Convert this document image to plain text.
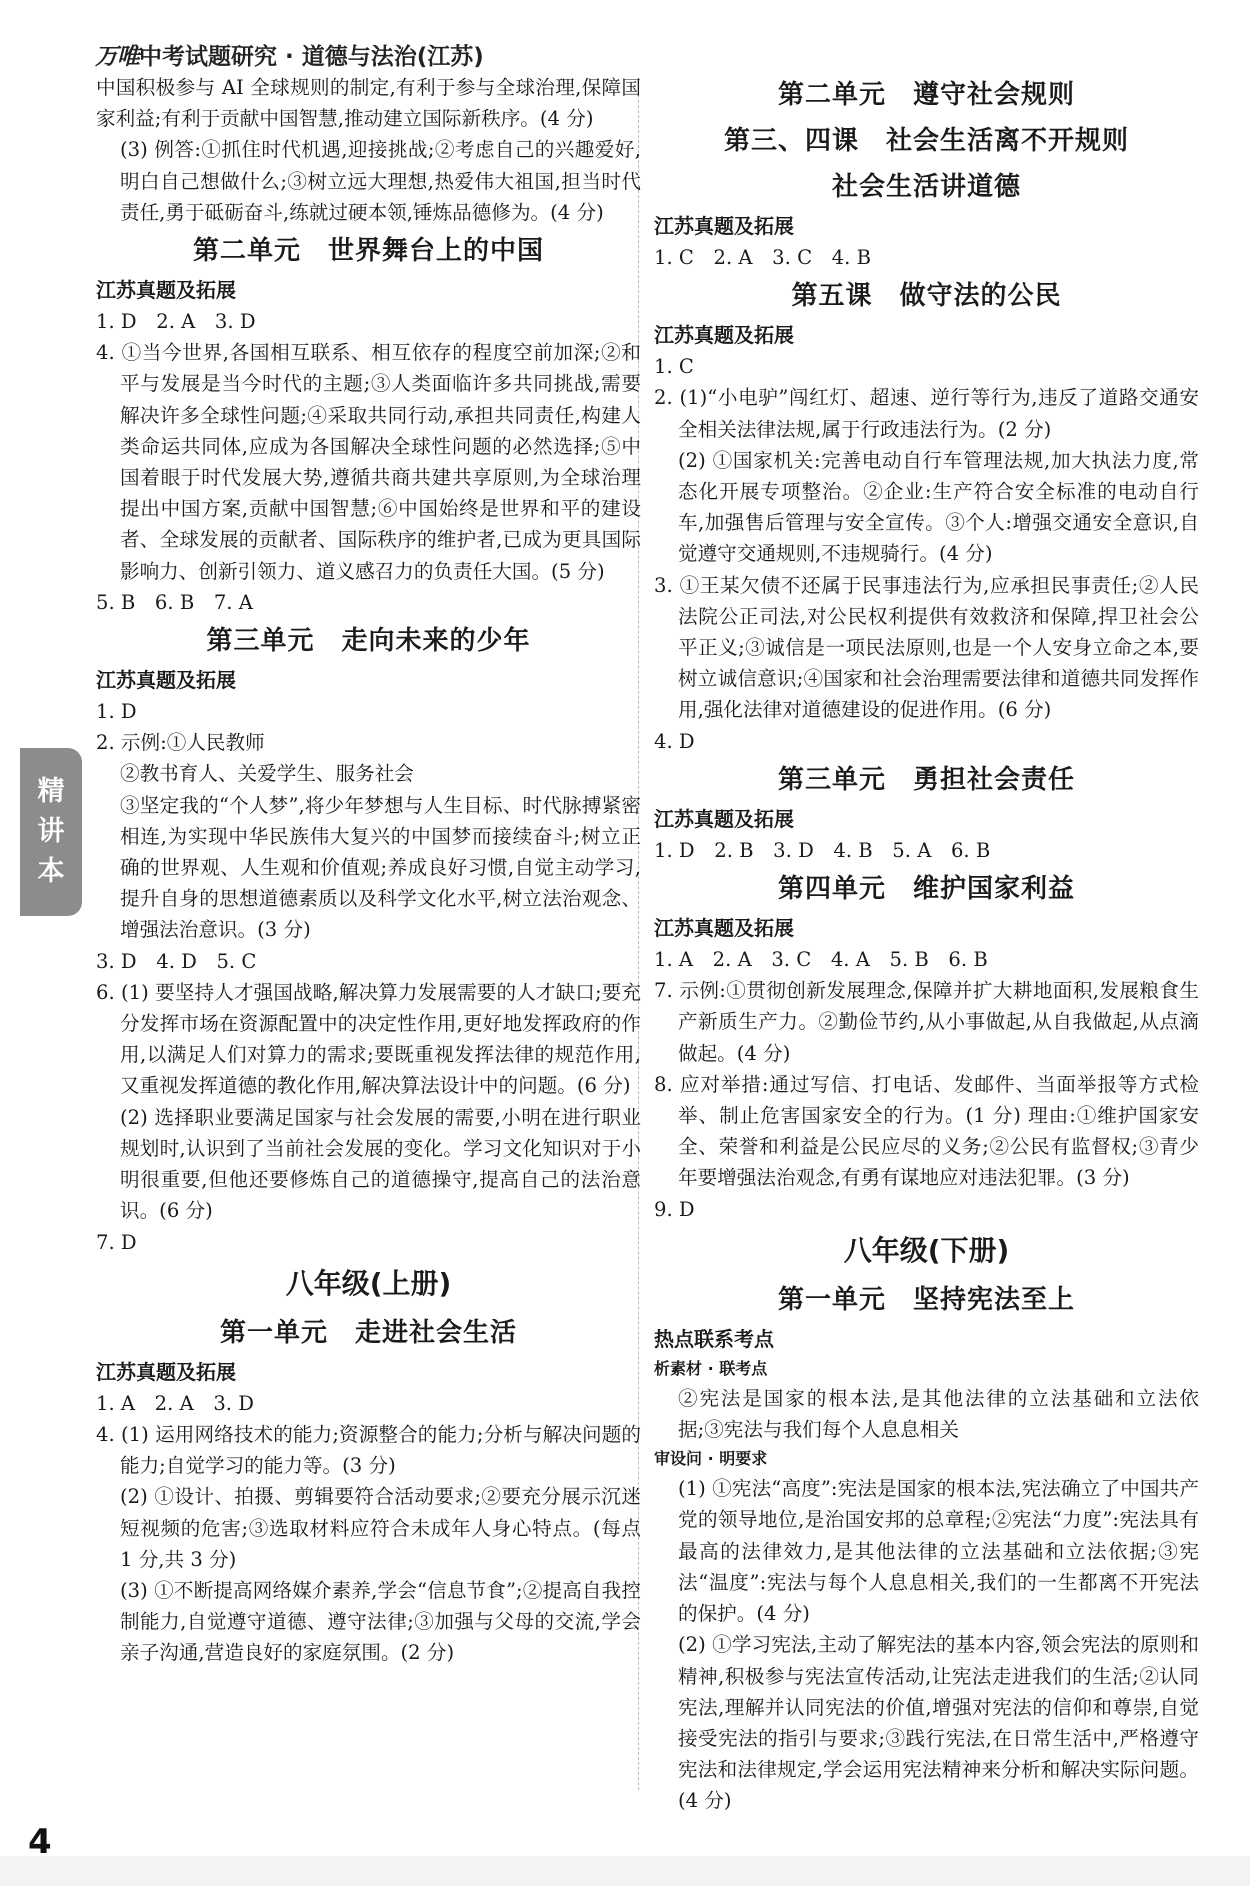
万唯中考试题研究 · 道德与法治(江苏)

中国积极参与 AI 全球规则的制定,有利于参与全球治理,保障国家利益;有利于贡献中国智慧,推动建立国际新秩序。(4 分)

(3) 例答:①抓住时代机遇,迎接挑战;②考虑自己的兴趣爱好,明白自己想做什么;③树立远大理想,热爱伟大祖国,担当时代责任,勇于砥砺奋斗,练就过硬本领,锤炼品德修为。(4 分)

第二单元　世界舞台上的中国

江苏真题及拓展

1. D　2. A　3. D

4. ①当今世界,各国相互联系、相互依存的程度空前加深;②和平与发展是当今时代的主题;③人类面临许多共同挑战,需要解决许多全球性问题;④采取共同行动,承担共同责任,构建人类命运共同体,应成为各国解决全球性问题的必然选择;⑤中国着眼于时代发展大势,遵循共商共建共享原则,为全球治理提出中国方案,贡献中国智慧;⑥中国始终是世界和平的建设者、全球发展的贡献者、国际秩序的维护者,已成为更具国际影响力、创新引领力、道义感召力的负责任大国。(5 分)

5. B　6. B　7. A

第三单元　走向未来的少年

江苏真题及拓展

1. D

2. 示例:①人民教师

②教书育人、关爱学生、服务社会

③坚定我的“个人梦”,将少年梦想与人生目标、时代脉搏紧密相连,为实现中华民族伟大复兴的中国梦而接续奋斗;树立正确的世界观、人生观和价值观;养成良好习惯,自觉主动学习,提升自身的思想道德素质以及科学文化水平,树立法治观念、增强法治意识。(3 分)

3. D　4. D　5. C

6. (1) 要坚持人才强国战略,解决算力发展需要的人才缺口;要充分发挥市场在资源配置中的决定性作用,更好地发挥政府的作用,以满足人们对算力的需求;要既重视发挥法律的规范作用,又重视发挥道德的教化作用,解决算法设计中的问题。(6 分)

(2) 选择职业要满足国家与社会发展的需要,小明在进行职业规划时,认识到了当前社会发展的变化。学习文化知识对于小明很重要,但他还要修炼自己的道德操守,提高自己的法治意识。(6 分)

7. D

八年级(上册)
第一单元　走进社会生活

江苏真题及拓展

1. A　2. A　3. D

4. (1) 运用网络技术的能力;资源整合的能力;分析与解决问题的能力;自觉学习的能力等。(3 分)

(2) ①设计、拍摄、剪辑要符合活动要求;②要充分展示沉迷短视频的危害;③选取材料应符合未成年人身心特点。(每点 1 分,共 3 分)

(3) ①不断提高网络媒介素养,学会“信息节食”;②提高自我控制能力,自觉遵守道德、遵守法律;③加强与父母的交流,学会亲子沟通,营造良好的家庭氛围。(2 分)

第二单元　遵守社会规则
第三、四课　社会生活离不开规则
社会生活讲道德

江苏真题及拓展

1. C　2. A　3. C　4. B

第五课　做守法的公民

江苏真题及拓展

1. C

2. (1)“小电驴”闯红灯、超速、逆行等行为,违反了道路交通安全相关法律法规,属于行政违法行为。(2 分)

(2) ①国家机关:完善电动自行车管理法规,加大执法力度,常态化开展专项整治。②企业:生产符合安全标准的电动自行车,加强售后管理与安全宣传。③个人:增强交通安全意识,自觉遵守交通规则,不违规骑行。(4 分)

3. ①王某欠债不还属于民事违法行为,应承担民事责任;②人民法院公正司法,对公民权利提供有效救济和保障,捍卫社会公平正义;③诚信是一项民法原则,也是一个人安身立命之本,要树立诚信意识;④国家和社会治理需要法律和道德共同发挥作用,强化法律对道德建设的促进作用。(6 分)

4. D

第三单元　勇担社会责任

江苏真题及拓展

1. D　2. B　3. D　4. B　5. A　6. B

第四单元　维护国家利益

江苏真题及拓展

1. A　2. A　3. C　4. A　5. B　6. B

7. 示例:①贯彻创新发展理念,保障并扩大耕地面积,发展粮食生产新质生产力。②勤俭节约,从小事做起,从自我做起,从点滴做起。(4 分)

8. 应对举措:通过写信、打电话、发邮件、当面举报等方式检举、制止危害国家安全的行为。(1 分) 理由:①维护国家安全、荣誉和利益是公民应尽的义务;②公民有监督权;③青少年要增强法治观念,有勇有谋地应对违法犯罪。(3 分)

9. D

八年级(下册)
第一单元　坚持宪法至上

热点联系考点

析素材 · 联考点

②宪法是国家的根本法,是其他法律的立法基础和立法依据;③宪法与我们每个人息息相关

审设问 · 明要求

(1) ①宪法“高度”:宪法是国家的根本法,宪法确立了中国共产党的领导地位,是治国安邦的总章程;②宪法“力度”:宪法具有最高的法律效力,是其他法律的立法基础和立法依据;③宪法“温度”:宪法与每个人息息相关,我们的一生都离不开宪法的保护。(4 分)

(2) ①学习宪法,主动了解宪法的基本内容,领会宪法的原则和精神,积极参与宪法宣传活动,让宪法走进我们的生活;②认同宪法,理解并认同宪法的价值,增强对宪法的信仰和尊崇,自觉接受宪法的指引与要求;③践行宪法,在日常生活中,严格遵守宪法和法律规定,学会运用宪法精神来分析和解决实际问题。(4 分)

精
讲
本
4
